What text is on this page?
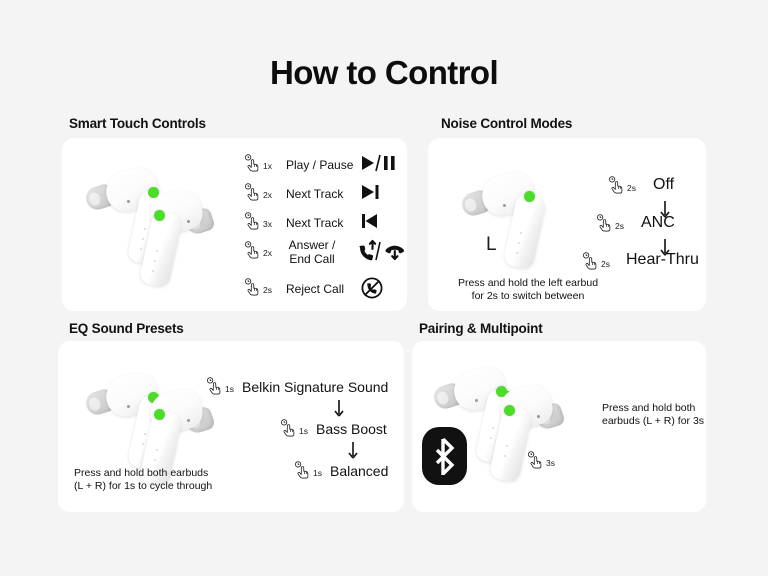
How to Control
Smart Touch Controls
1x Play / Pause
2x Next Track
3x Next Track
2x
Answer /
End Call
2s Reject Call
Noise Control Modes
L
2s Off
2s ANC
2s Hear-Thru
Press and hold the left earbud
for 2s to switch between
EQ Sound Presets
1s Belkin Signature Sound
1s Bass Boost
1s Balanced
Press and hold both earbuds
(L + R) for 1s to cycle through
Pairing & Multipoint
3s
Press and hold both
earbuds (L + R) for 3s
